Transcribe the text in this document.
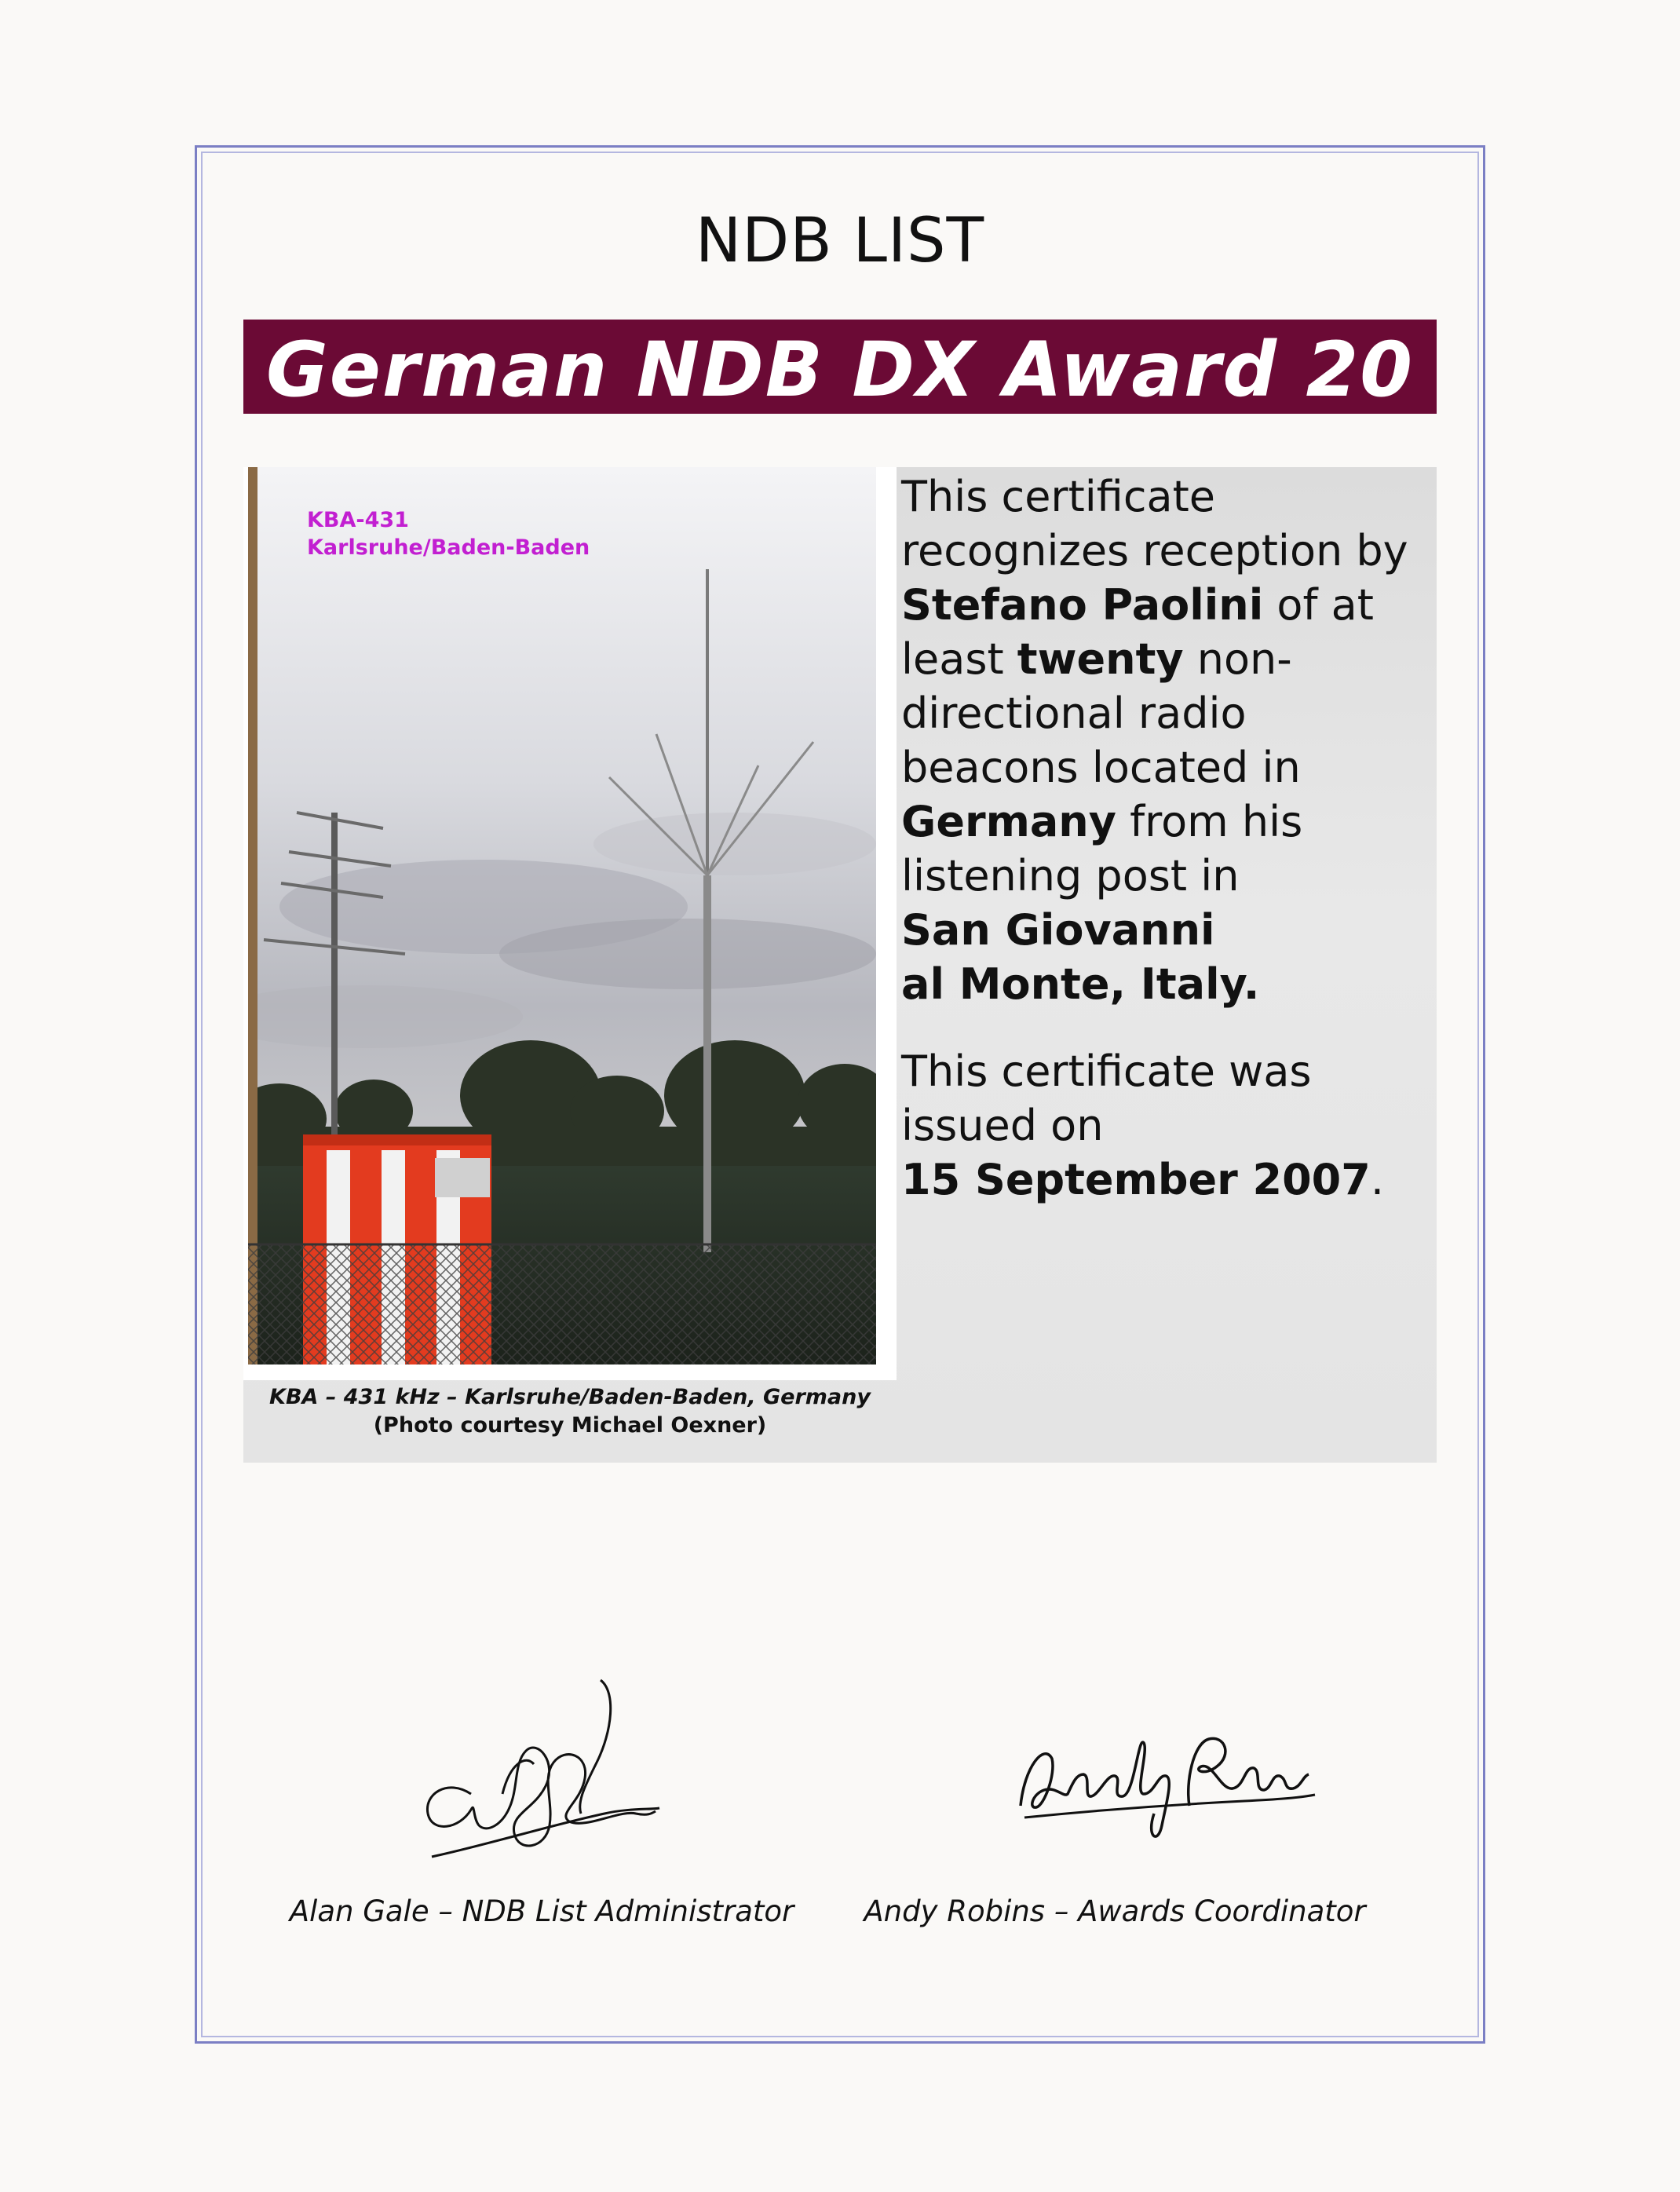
NDB LIST
German NDB DX Award 20
KBA-431
Karlsruhe/Baden-Baden
KBA – 431 kHz – Karlsruhe/Baden-Baden, Germany
(Photo courtesy Michael Oexner)

This certificate recognizes reception by Stefano Paolini of at least twenty non-directional radio beacons located in Germany from his listening post in
San Giovanni
al Monte, Italy.

This certificate was issued on
15 September 2007.

Alan Gale – NDB List Administrator	Andy Robins – Awards Coordinator
